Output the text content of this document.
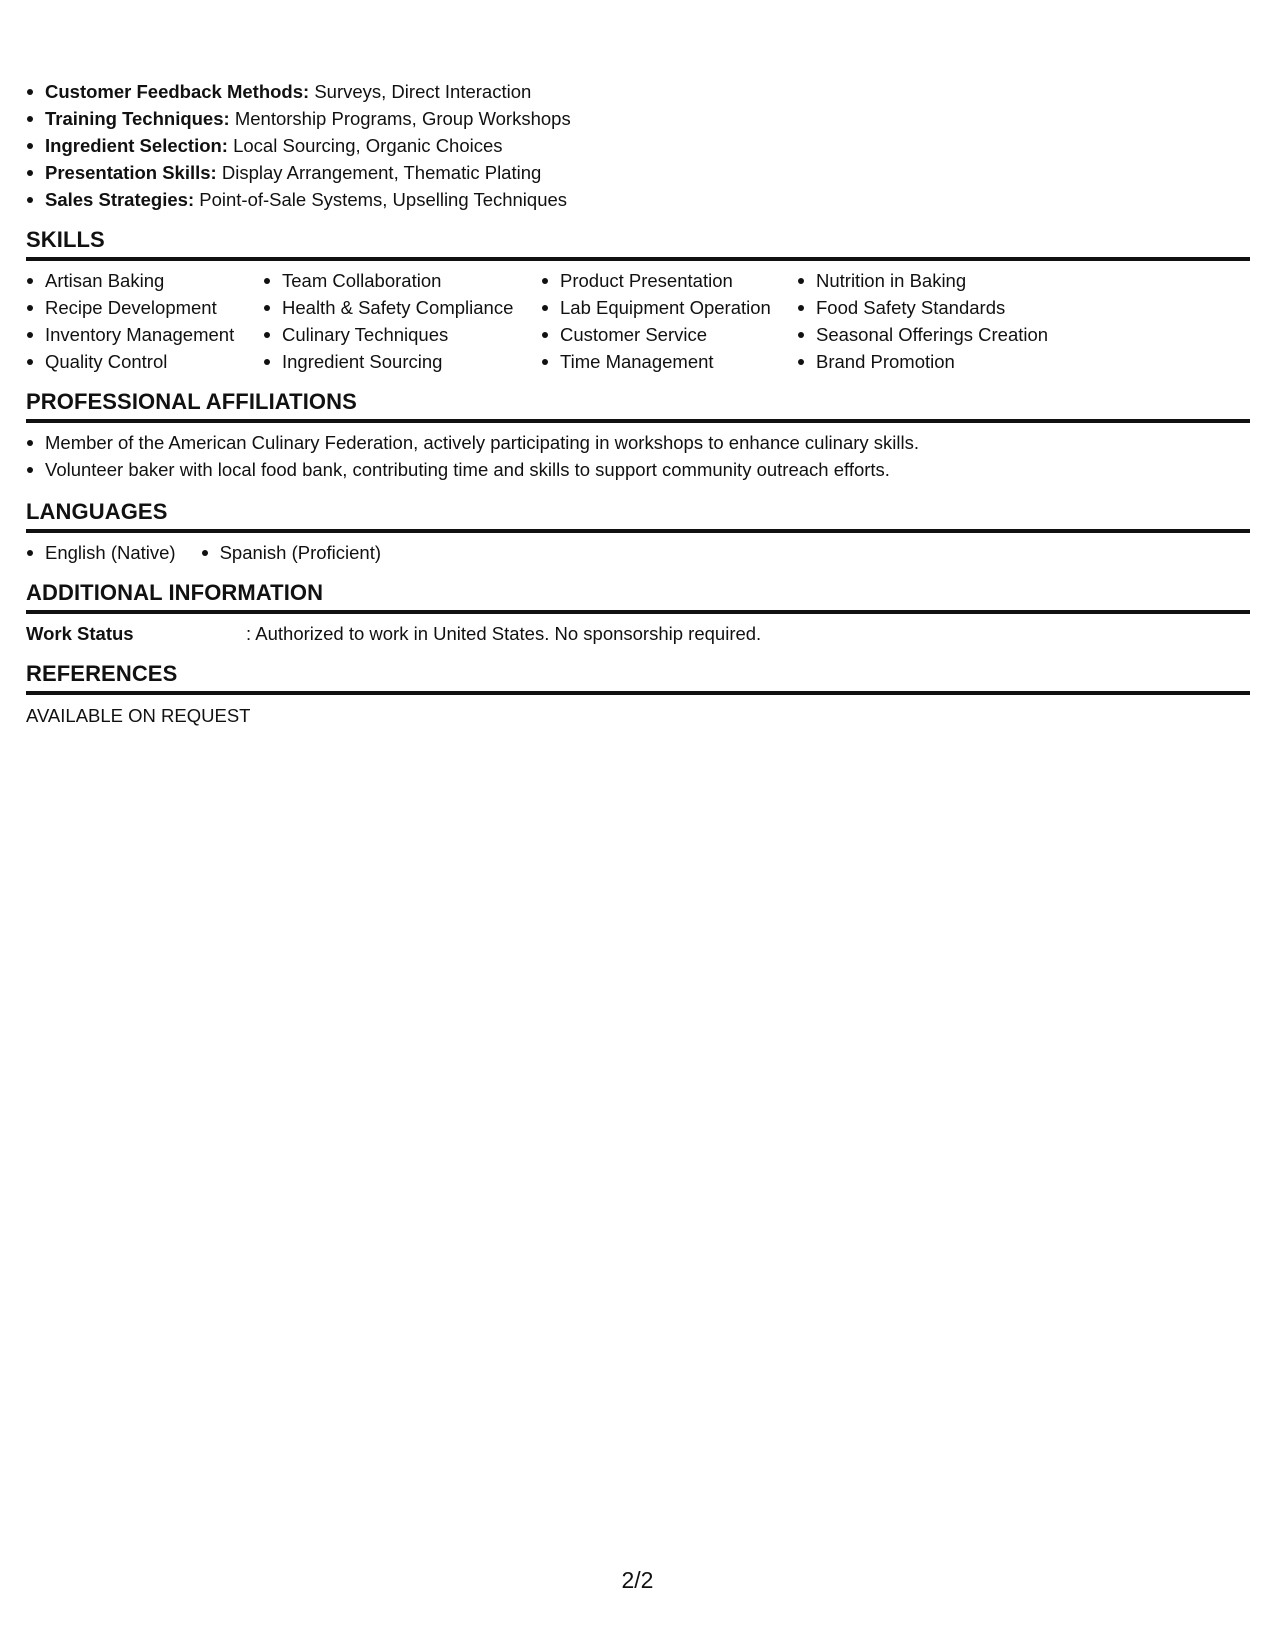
Customer Feedback Methods: Surveys, Direct Interaction
Training Techniques: Mentorship Programs, Group Workshops
Ingredient Selection: Local Sourcing, Organic Choices
Presentation Skills: Display Arrangement, Thematic Plating
Sales Strategies: Point-of-Sale Systems, Upselling Techniques
SKILLS
Artisan Baking
Recipe Development
Inventory Management
Quality Control
Team Collaboration
Health & Safety Compliance
Culinary Techniques
Ingredient Sourcing
Product Presentation
Lab Equipment Operation
Customer Service
Time Management
Nutrition in Baking
Food Safety Standards
Seasonal Offerings Creation
Brand Promotion
PROFESSIONAL AFFILIATIONS
Member of the American Culinary Federation, actively participating in workshops to enhance culinary skills.
Volunteer baker with local food bank, contributing time and skills to support community outreach efforts.
LANGUAGES
English (Native)	Spanish (Proficient)
ADDITIONAL INFORMATION
Work Status	: Authorized to work in United States. No sponsorship required.
REFERENCES
AVAILABLE ON REQUEST
2/2
